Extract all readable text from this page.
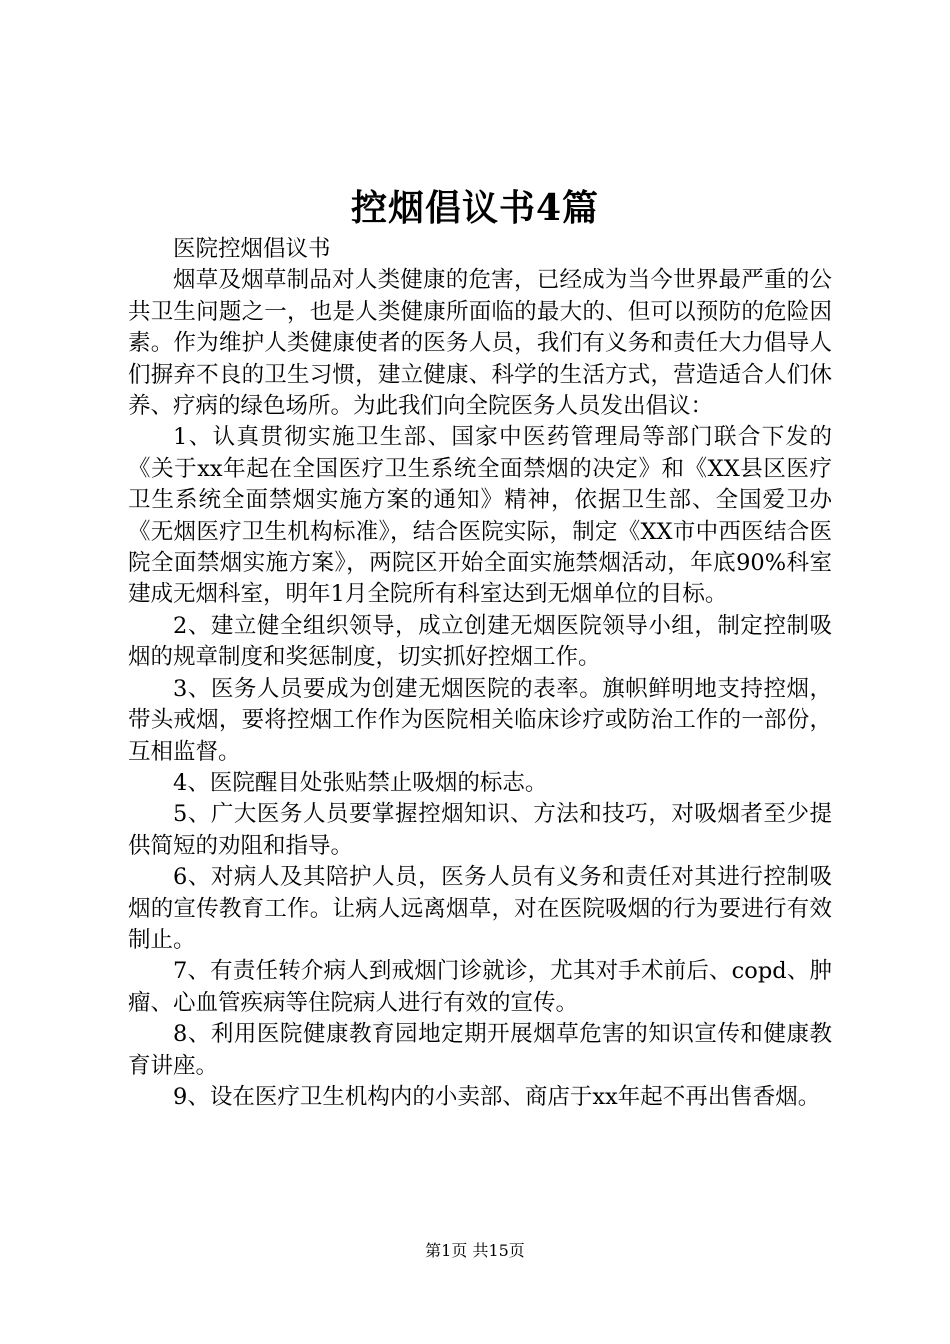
控烟倡议书4篇

医院控烟倡议书

烟草及烟草制品对人类健康的危害，已经成为当今世界最严重的公共卫生问题之一，也是人类健康所面临的最大的、但可以预防的危险因素。作为维护人类健康使者的医务人员，我们有义务和责任大力倡导人们摒弃不良的卫生习惯，建立健康、科学的生活方式，营造适合人们休养、疗病的绿色场所。为此我们向全院医务人员发出倡议：

1、认真贯彻实施卫生部、国家中医药管理局等部门联合下发的《关于xx年起在全国医疗卫生系统全面禁烟的决定》和《XX县区医疗卫生系统全面禁烟实施方案的通知》精神，依据卫生部、全国爱卫办《无烟医疗卫生机构标准》，结合医院实际，制定《XX市中西医结合医院全面禁烟实施方案》，两院区开始全面实施禁烟活动，年底90%科室建成无烟科室，明年1月全院所有科室达到无烟单位的目标。

2、建立健全组织领导，成立创建无烟医院领导小组，制定控制吸烟的规章制度和奖惩制度，切实抓好控烟工作。

3、医务人员要成为创建无烟医院的表率。旗帜鲜明地支持控烟，带头戒烟，要将控烟工作作为医院相关临床诊疗或防治工作的一部份，互相监督。

4、医院醒目处张贴禁止吸烟的标志。

5、广大医务人员要掌握控烟知识、方法和技巧，对吸烟者至少提供简短的劝阻和指导。

6、对病人及其陪护人员，医务人员有义务和责任对其进行控制吸烟的宣传教育工作。让病人远离烟草，对在医院吸烟的行为要进行有效制止。

7、有责任转介病人到戒烟门诊就诊，尤其对手术前后、copd、肿瘤、心血管疾病等住院病人进行有效的宣传。

8、利用医院健康教育园地定期开展烟草危害的知识宣传和健康教育讲座。

9、设在医疗卫生机构内的小卖部、商店于xx年起不再出售香烟。

第1页 共15页
